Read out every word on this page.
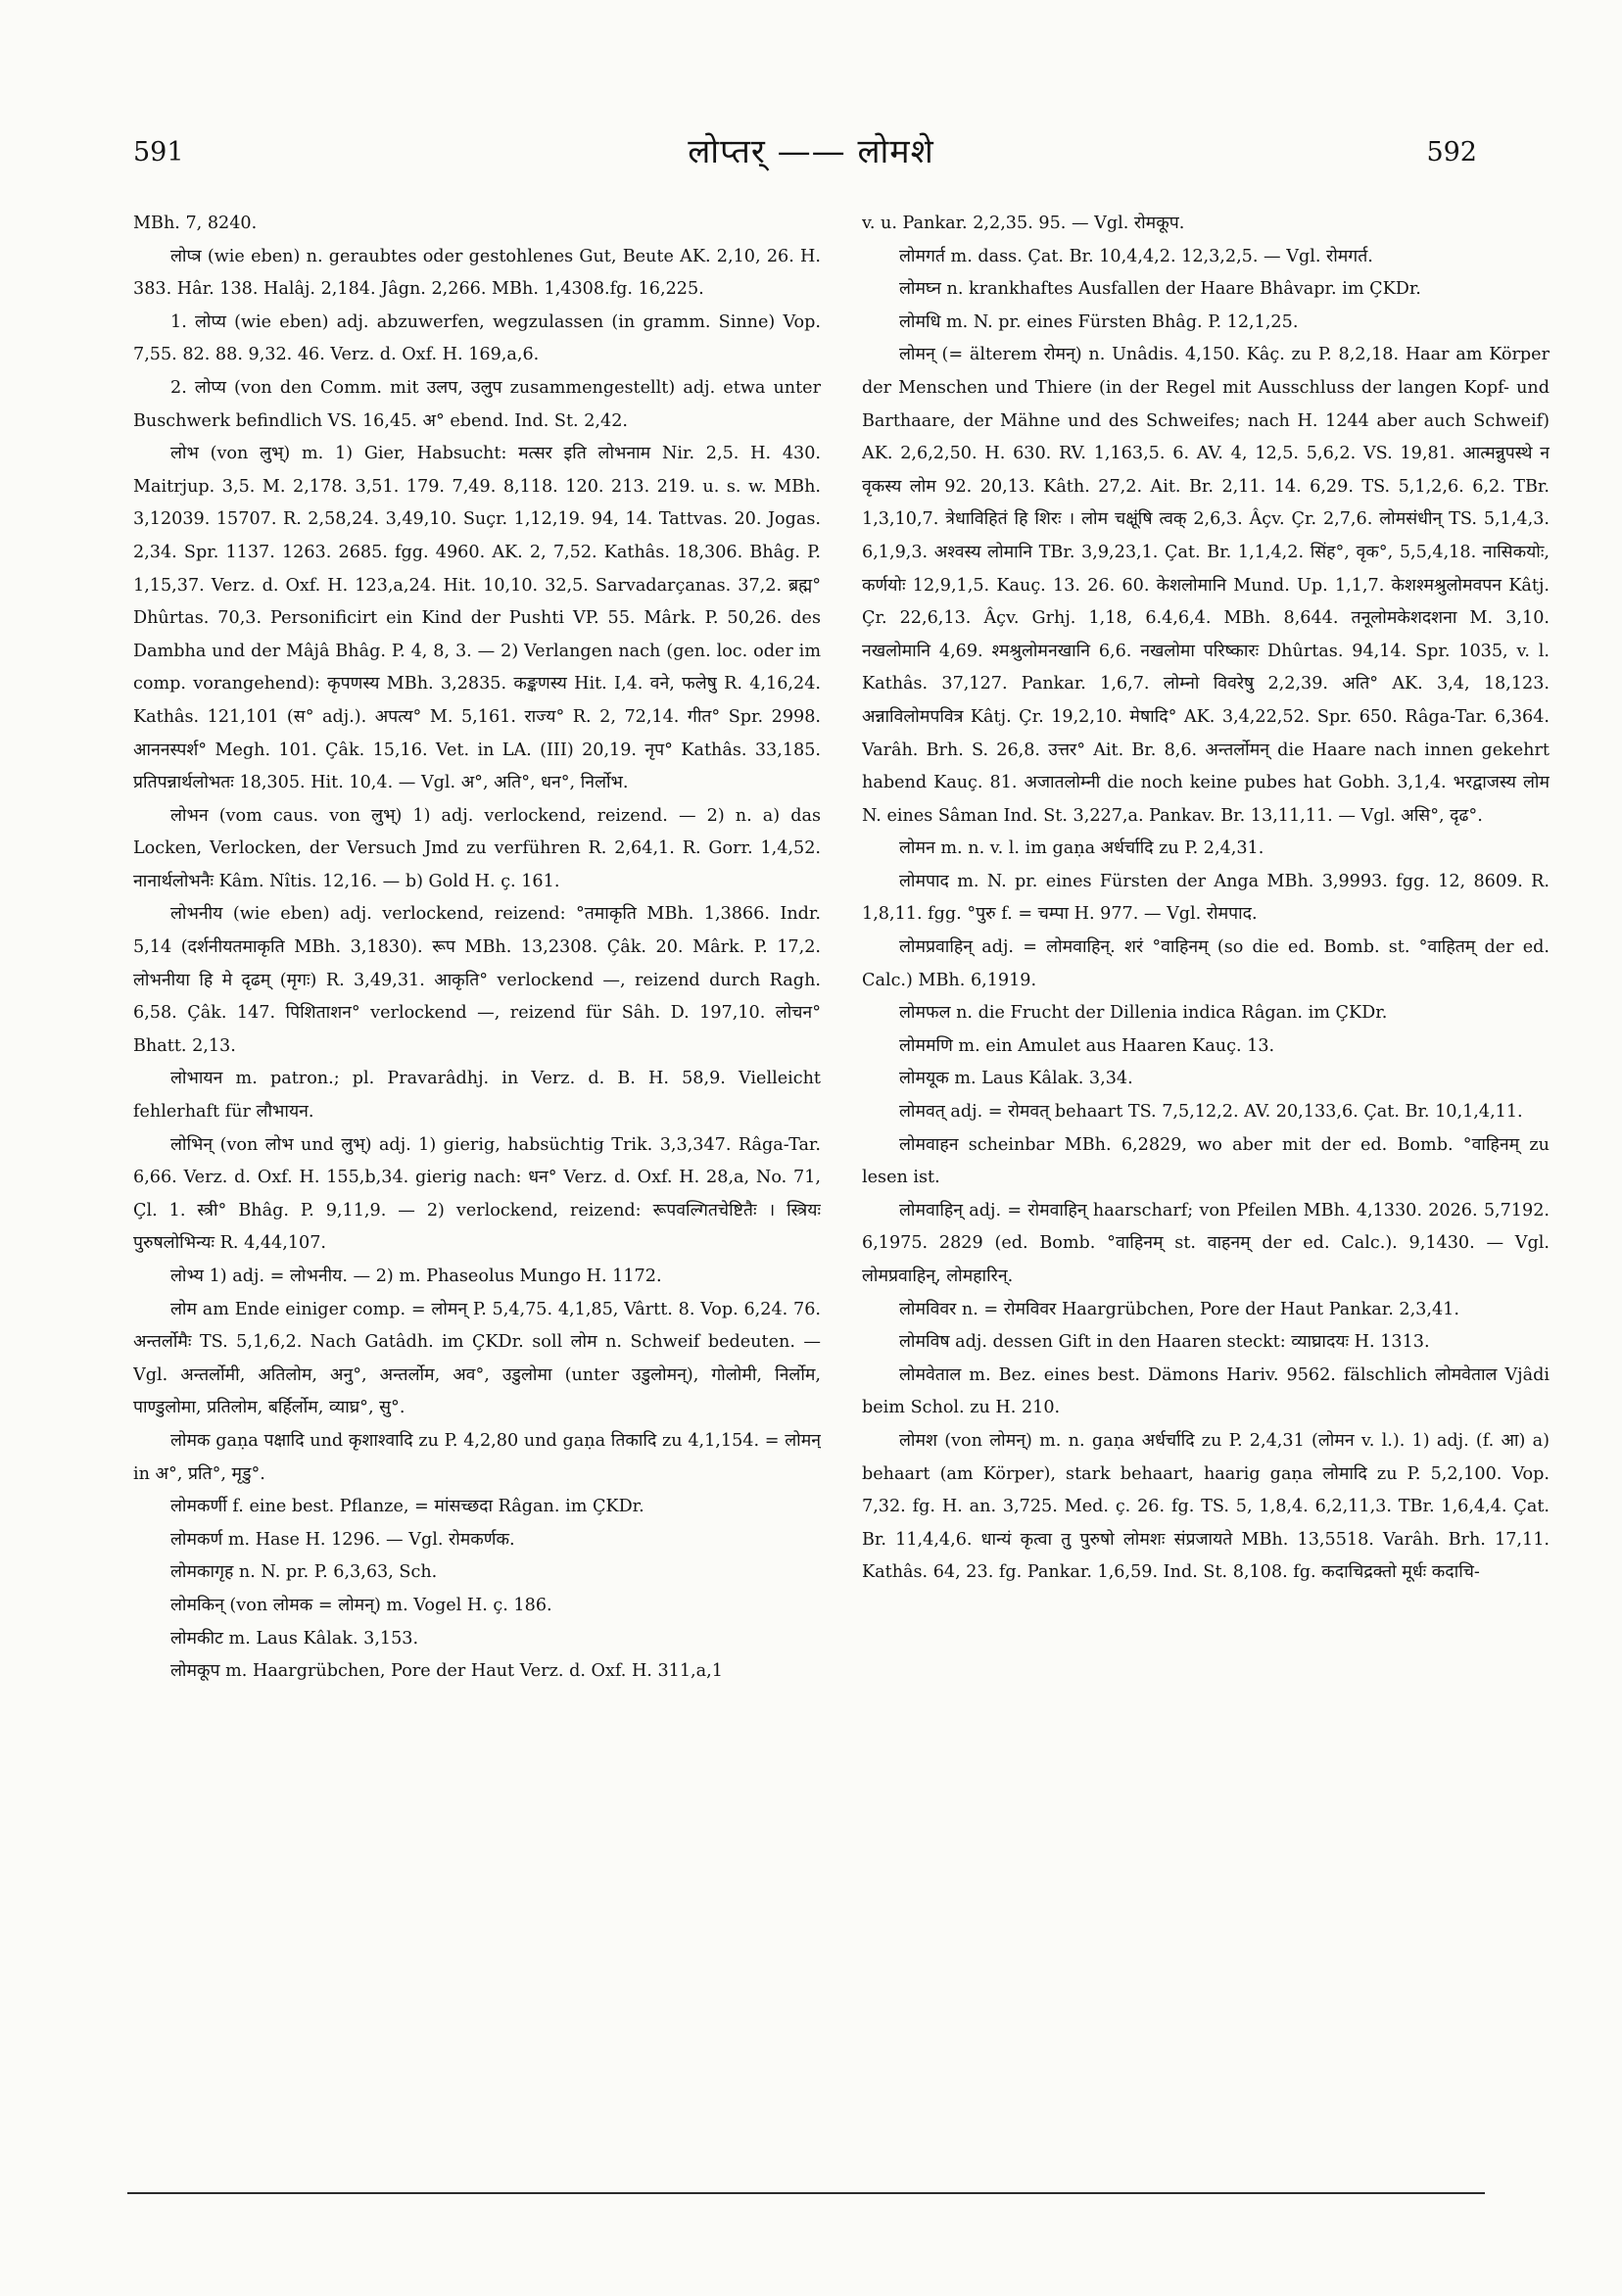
591	लोप्तर् —— लोमशे	592

MBh. 7, 8240.

लोप्त्र (wie eben) n. geraubtes oder gestohlenes Gut, Beute AK. 2,10, 26. H. 383. Hâr. 138. Halâj. 2,184. Jâgn. 2,266. MBh. 1,4308.fg. 16,225.

1. लोप्य (wie eben) adj. abzuwerfen, wegzulassen (in gramm. Sinne) Vop. 7,55. 82. 88. 9,32. 46. Verz. d. Oxf. H. 169,a,6.

2. लोप्य (von den Comm. mit उलप, उलुप zusammengestellt) adj. etwa unter Buschwerk befindlich VS. 16,45. अ° ebend. Ind. St. 2,42.

लोभ (von लुभ्) m. 1) Gier, Habsucht: मत्सर इति लोभनाम Nir. 2,5. H. 430. Maitrjup. 3,5. M. 2,178. 3,51. 179. 7,49. 8,118. 120. 213. 219. u. s. w. MBh. 3,12039. 15707. R. 2,58,24. 3,49,10. Suçr. 1,12,19. 94, 14. Tattvas. 20. Jogas. 2,34. Spr. 1137. 1263. 2685. fgg. 4960. AK. 2, 7,52. Kathâs. 18,306. Bhâg. P. 1,15,37. Verz. d. Oxf. H. 123,a,24. Hit. 10,10. 32,5. Sarvadarçanas. 37,2. ब्रह्म° Dhûrtas. 70,3. Personificirt ein Kind der Pushti VP. 55. Mârk. P. 50,26. des Dambha und der Mâjâ Bhâg. P. 4, 8, 3. — 2) Verlangen nach (gen. loc. oder im comp. vorangehend): कृपणस्य MBh. 3,2835. कङ्कणस्य Hit. I,4. वने, फलेषु R. 4,16,24. Kathâs. 121,101 (स° adj.). अपत्य° M. 5,161. राज्य° R. 2, 72,14. गीत° Spr. 2998. आननस्पर्श° Megh. 101. Çâk. 15,16. Vet. in LA. (III) 20,19. नृप° Kathâs. 33,185. प्रतिपन्नार्थलोभतः 18,305. Hit. 10,4. — Vgl. अ°, अति°, धन°, निर्लोभ.

लोभन (vom caus. von लुभ्) 1) adj. verlockend, reizend. — 2) n. a) das Locken, Verlocken, der Versuch Jmd zu verführen R. 2,64,1. R. Gorr. 1,4,52. नानार्थलोभनैः Kâm. Nîtis. 12,16. — b) Gold H. ç. 161.

लोभनीय (wie eben) adj. verlockend, reizend: °तमाकृति MBh. 1,3866. Indr. 5,14 (दर्शनीयतमाकृति MBh. 3,1830). रूप MBh. 13,2308. Çâk. 20. Mârk. P. 17,2. लोभनीया हि मे दृढम् (मृगः) R. 3,49,31. आकृति° verlockend —, reizend durch Ragh. 6,58. Çâk. 147. पिशिताशन° verlockend —, reizend für Sâh. D. 197,10. लोचन° Bhatt. 2,13.

लोभायन m. patron.; pl. Pravarâdhj. in Verz. d. B. H. 58,9. Vielleicht fehlerhaft für लौभायन.

लोभिन् (von लोभ und लुभ्) adj. 1) gierig, habsüchtig Trik. 3,3,347. Râga-Tar. 6,66. Verz. d. Oxf. H. 155,b,34. gierig nach: धन° Verz. d. Oxf. H. 28,a, No. 71, Çl. 1. स्त्री° Bhâg. P. 9,11,9. — 2) verlockend, reizend: रूपवल्गितचेष्टितैः । स्त्रियः पुरुषलोभिन्यः R. 4,44,107.

लोभ्य 1) adj. = लोभनीय. — 2) m. Phaseolus Mungo H. 1172.

लोम am Ende einiger comp. = लोमन् P. 5,4,75. 4,1,85, Vârtt. 8. Vop. 6,24. 76. अन्तर्लोमैः TS. 5,1,6,2. Nach Gatâdh. im ÇKDr. soll लोम n. Schweif bedeuten. — Vgl. अन्तर्लोमी, अतिलोम, अनु°, अन्तर्लोम, अव°, उडुलोमा (unter उडुलोमन्), गोलोमी, निर्लोम, पाण्डुलोमा, प्रतिलोम, बर्हिर्लोम, व्याघ्र°, सु°.

लोमक gaṇa पक्षादि und कृशाश्वादि zu P. 4,2,80 und gaṇa तिकादि zu 4,1,154. = लोमन् in अ°, प्रति°, मृडु°.

लोमकर्णी f. eine best. Pflanze, = मांसच्छदा Râgan. im ÇKDr.

लोमकर्ण m. Hase H. 1296. — Vgl. रोमकर्णक.

लोमकागृह n. N. pr. P. 6,3,63, Sch.

लोमकिन् (von लोमक = लोमन्) m. Vogel H. ç. 186.

लोमकीट m. Laus Kâlak. 3,153.

लोमकूप m. Haargrübchen, Pore der Haut Verz. d. Oxf. H. 311,a,1

v. u. Pankar. 2,2,35. 95. — Vgl. रोमकूप.

लोमगर्त m. dass. Çat. Br. 10,4,4,2. 12,3,2,5. — Vgl. रोमगर्त.

लोमघ्न n. krankhaftes Ausfallen der Haare Bhâvapr. im ÇKDr.

लोमधि m. N. pr. eines Fürsten Bhâg. P. 12,1,25.

लोमन् (= älterem रोमन्) n. Unâdis. 4,150. Kâç. zu P. 8,2,18. Haar am Körper der Menschen und Thiere (in der Regel mit Ausschluss der langen Kopf- und Barthaare, der Mähne und des Schweifes; nach H. 1244 aber auch Schweif) AK. 2,6,2,50. H. 630. RV. 1,163,5. 6. AV. 4, 12,5. 5,6,2. VS. 19,81. आत्मन्नुपस्थे न वृकस्य लोम 92. 20,13. Kâth. 27,2. Ait. Br. 2,11. 14. 6,29. TS. 5,1,2,6. 6,2. TBr. 1,3,10,7. त्रेधाविहितं हि शिरः । लोम चक्षूंषि त्वक् 2,6,3. Âçv. Çr. 2,7,6. लोमसंधीन् TS. 5,1,4,3. 6,1,9,3. अश्वस्य लोमानि TBr. 3,9,23,1. Çat. Br. 1,1,4,2. सिंह°, वृक°, 5,5,4,18. नासिकयोः, कर्णयोः 12,9,1,5. Kauç. 13. 26. 60. केशलोमानि Mund. Up. 1,1,7. केशश्मश्रुलोमवपन Kâtj. Çr. 22,6,13. Âçv. Grhj. 1,18, 6.4,6,4. MBh. 8,644. तनूलोमकेशदशना M. 3,10. नखलोमानि 4,69. श्मश्रुलोमनखानि 6,6. नखलोमा परिष्कारः Dhûrtas. 94,14. Spr. 1035, v. l. Kathâs. 37,127. Pankar. 1,6,7. लोम्नो विवरेषु 2,2,39. अति° AK. 3,4, 18,123. अन्नाविलोमपवित्र Kâtj. Çr. 19,2,10. मेषादि° AK. 3,4,22,52. Spr. 650. Râga-Tar. 6,364. Varâh. Brh. S. 26,8. उत्तर° Ait. Br. 8,6. अन्तर्लोमन् die Haare nach innen gekehrt habend Kauç. 81. अजातलोम्नी die noch keine pubes hat Gobh. 3,1,4. भरद्वाजस्य लोम N. eines Sâman Ind. St. 3,227,a. Pankav. Br. 13,11,11. — Vgl. असि°, दृढ°.

लोमन m. n. v. l. im gaṇa अर्धर्चादि zu P. 2,4,31.

लोमपाद m. N. pr. eines Fürsten der Anga MBh. 3,9993. fgg. 12, 8609. R. 1,8,11. fgg. °पुरु f. = चम्पा H. 977. — Vgl. रोमपाद.

लोमप्रवाहिन् adj. = लोमवाहिन्. शरं °वाहिनम् (so die ed. Bomb. st. °वाहितम् der ed. Calc.) MBh. 6,1919.

लोमफल n. die Frucht der Dillenia indica Râgan. im ÇKDr.

लोममणि m. ein Amulet aus Haaren Kauç. 13.

लोमयूक m. Laus Kâlak. 3,34.

लोमवत् adj. = रोमवत् behaart TS. 7,5,12,2. AV. 20,133,6. Çat. Br. 10,1,4,11.

लोमवाहन scheinbar MBh. 6,2829, wo aber mit der ed. Bomb. °वाहिनम् zu lesen ist.

लोमवाहिन् adj. = रोमवाहिन् haarscharf; von Pfeilen MBh. 4,1330. 2026. 5,7192. 6,1975. 2829 (ed. Bomb. °वाहिनम् st. वाहनम् der ed. Calc.). 9,1430. — Vgl. लोमप्रवाहिन्, लोमहारिन्.

लोमविवर n. = रोमविवर Haargrübchen, Pore der Haut Pankar. 2,3,41.

लोमविष adj. dessen Gift in den Haaren steckt: व्याघ्रादयः H. 1313.

लोमवेताल m. Bez. eines best. Dämons Hariv. 9562. fälschlich लोमवेताल Vjâdi beim Schol. zu H. 210.

लोमश (von लोमन्) m. n. gaṇa अर्धर्चादि zu P. 2,4,31 (लोमन v. l.). 1) adj. (f. आ) a) behaart (am Körper), stark behaart, haarig gaṇa लोमादि zu P. 5,2,100. Vop. 7,32. fg. H. an. 3,725. Med. ç. 26. fg. TS. 5, 1,8,4. 6,2,11,3. TBr. 1,6,4,4. Çat. Br. 11,4,4,6. धान्यं कृत्वा तु पुरुषो लोमशः संप्रजायते MBh. 13,5518. Varâh. Brh. 17,11. Kathâs. 64, 23. fg. Pankar. 1,6,59. Ind. St. 8,108. fg. कदाचिद्रक्तो मूर्धः कदाचि-
